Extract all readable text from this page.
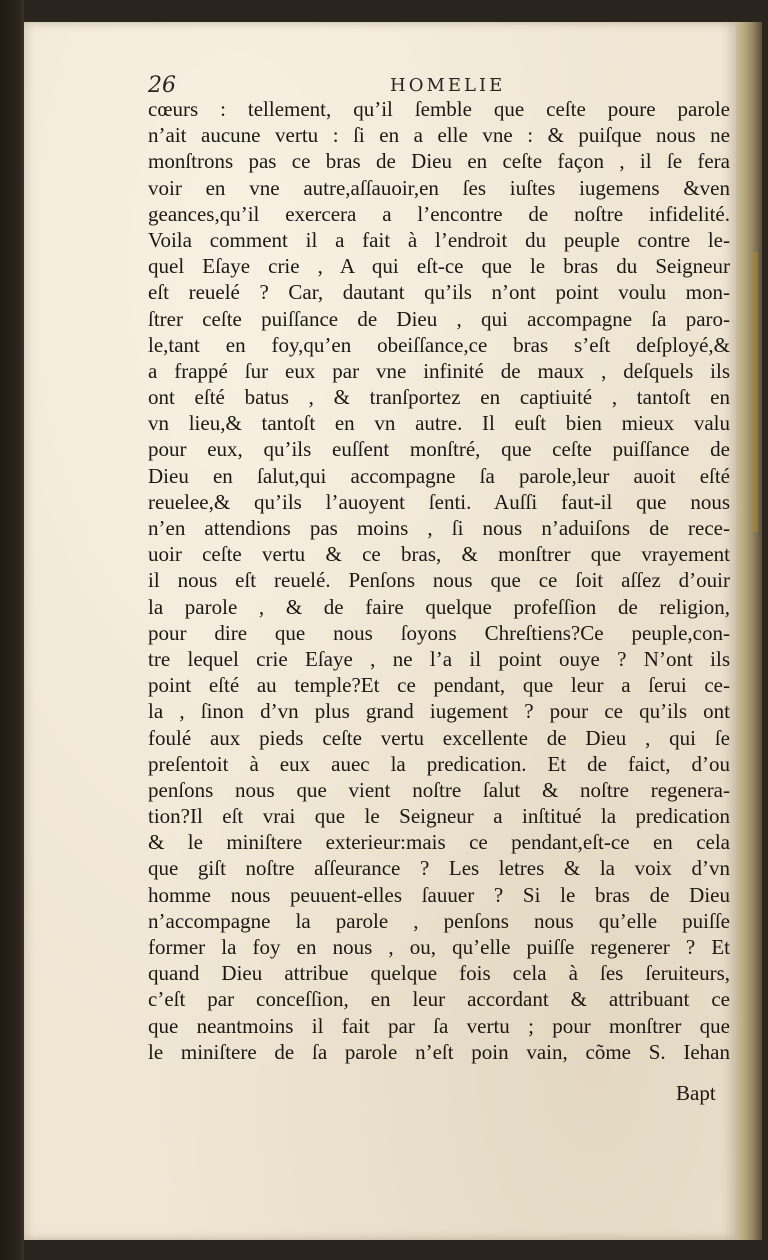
26	HOMELIE
cœurs : tellement, qu’il ſemble que ceſte poure parole
n’ait aucune vertu : ſi en a elle vne : & puiſque nous ne
monſtrons pas ce bras de Dieu en ceſte façon , il ſe fera
voir en vne autre,aſſauoir,en ſes iuſtes iugemens &ven
geances,qu’il exercera a l’encontre de noſtre infidelité.
Voila comment il a fait à l’endroit du peuple contre le-
quel Eſaye crie , A qui eſt-ce que le bras du Seigneur
eſt reuelé ? Car, dautant qu’ils n’ont point voulu mon-
ſtrer ceſte puiſſance de Dieu , qui accompagne ſa paro-
le,tant en foy,qu’en obeiſſance,ce bras s’eſt deſployé,&
a frappé ſur eux par vne infinité de maux , deſquels ils
ont eſté batus , & tranſportez en captiuité , tantoſt en
vn lieu,& tantoſt en vn autre. Il euſt bien mieux valu
pour eux, qu’ils euſſent monſtré, que ceſte puiſſance de
Dieu en ſalut,qui accompagne ſa parole,leur auoit eſté
reuelee,& qu’ils l’auoyent ſenti. Auſſi faut-il que nous
n’en attendions pas moins , ſi nous n’aduiſons de rece-
uoir ceſte vertu & ce bras, & monſtrer que vrayement
il nous eſt reuelé. Penſons nous que ce ſoit aſſez d’ouir
la parole , & de faire quelque profeſſion de religion,
pour dire que nous ſoyons Chreſtiens?Ce peuple,con-
tre lequel crie Eſaye , ne l’a il point ouye ? N’ont ils
point eſté au temple?Et ce pendant, que leur a ſerui ce-
la , ſinon d’vn plus grand iugement ? pour ce qu’ils ont
foulé aux pieds ceſte vertu excellente de Dieu , qui ſe
preſentoit à eux auec la predication. Et de faict, d’ou
penſons nous que vient noſtre ſalut & noſtre regenera-
tion?Il eſt vrai que le Seigneur a inſtitué la predication
& le miniſtere exterieur:mais ce pendant,eſt-ce en cela
que giſt noſtre aſſeurance ? Les letres & la voix d’vn
homme nous peuuent-elles ſauuer ? Si le bras de Dieu
n’accompagne la parole , penſons nous qu’elle puiſſe
former la foy en nous , ou, qu’elle puiſſe regenerer ? Et
quand Dieu attribue quelque fois cela à ſes ſeruiteurs,
c’eſt par conceſſion, en leur accordant & attribuant ce
que neantmoins il fait par ſa vertu ; pour monſtrer que
le miniſtere de ſa parole n’eſt poin vain, cõme S. Iehan
Bapt
